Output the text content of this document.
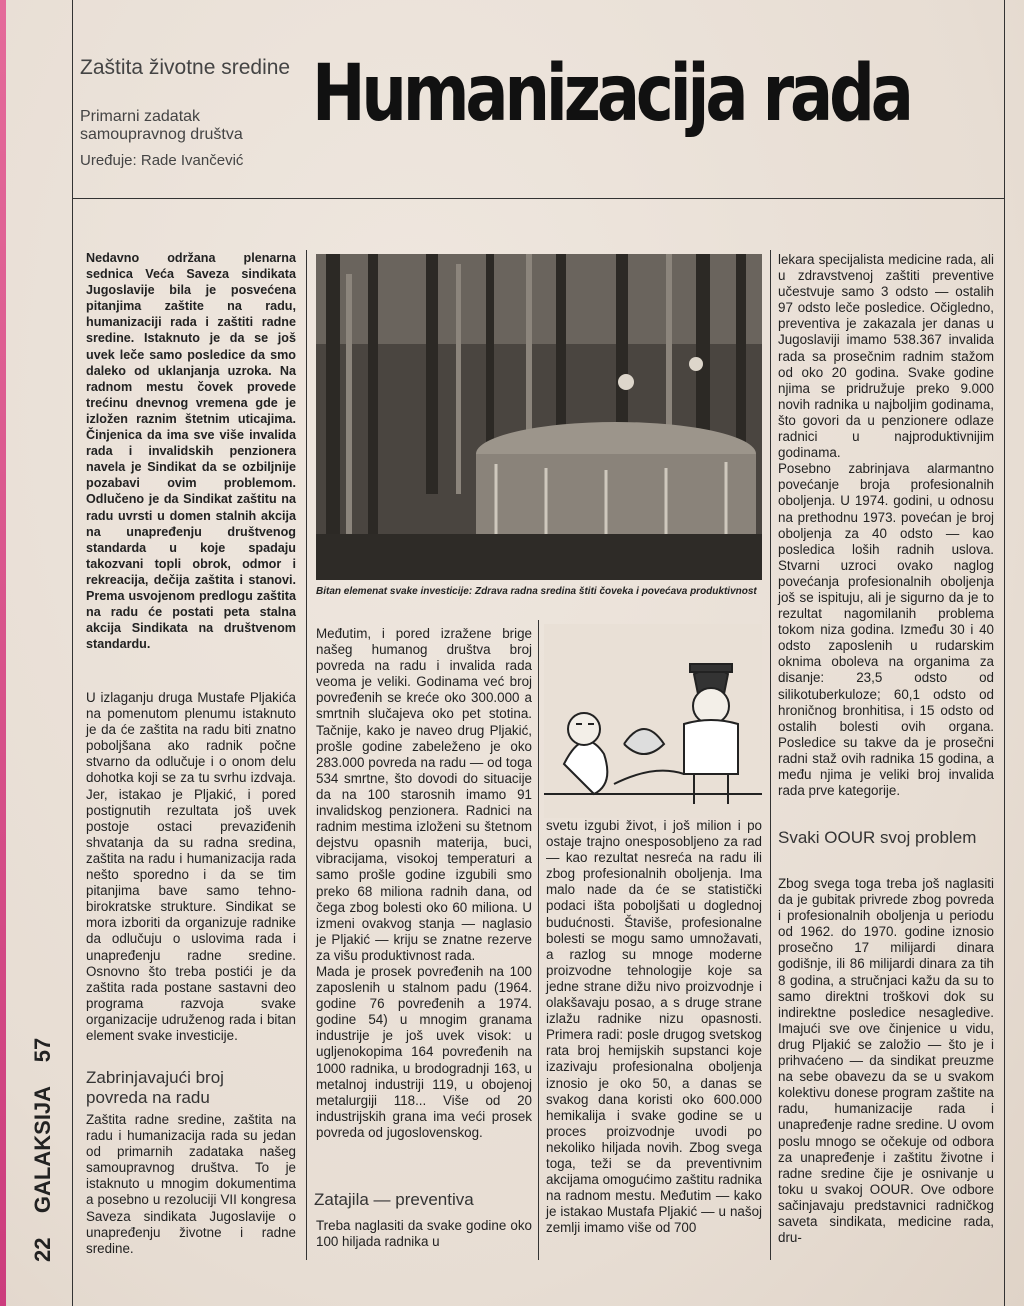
Zaštita životne sredine
Primarni zadatak samoupravnog društva
Uređuje: Rade Ivančević
Humanizacija rada
Nedavno održana plenarna sednica Veća Saveza sindikata Jugoslavije bila je posvećena pitanjima zaštite na radu, humanizaciji rada i zaštiti radne sredine. Istaknuto je da se još uvek leče samo posledice da smo daleko od uklanjanja uzroka. Na radnom mestu čovek provede trećinu dnevnog vremena gde je izložen raznim štetnim uticajima. Činjenica da ima sve više invalida rada i invalidskih penzionera navela je Sindikat da se ozbiljnije pozabavi ovim problemom. Odlučeno je da Sindikat zaštitu na radu uvrsti u domen stalnih akcija na unapređenju društvenog standarda u koje spadaju takozvani topli obrok, odmor i rekreacija, dečija zaštita i stanovi. Prema usvojenom predlogu zaštita na radu će postati peta stalna akcija Sindikata na društvenom standardu.
U izlaganju druga Mustafe Pljakića na pomenutom plenumu istaknuto je da će zaštita na radu biti znatno poboljšana ako radnik počne stvarno da odlučuje i o onom delu dohotka koji se za tu svrhu izdvaja. Jer, istakao je Pljakić, i pored postignutih rezultata još uvek postoje ostaci prevaziđenih shvatanja da su radna sredina, zaštita na radu i humanizacija rada nešto sporedno i da se tim pitanjima bave samo tehno-birokratske strukture. Sindikat se mora izboriti da organizuje radnike da odlučuju o uslovima rada i unapređenju radne sredine. Osnovno što treba postići je da zaštita rada postane sastavni deo programa razvoja svake organizacije udruženog rada i bitan element svake investicije.
Zabrinjavajući broj povreda na radu
Zaštita radne sredine, zaštita na radu i humanizacija rada su jedan od primarnih zadataka našeg samoupravnog društva. To je istaknuto u mnogim dokumentima a posebno u rezoluciji VII kongresa Saveza sindikata Jugoslavije o unapređenju životne i radne sredine.
Bitan elemenat svake investicije: Zdrava radna sredina štiti čoveka i povećava produktivnost
Međutim, i pored izražene brige našeg humanog društva broj povreda na radu i invalida rada veoma je veliki. Godinama već broj povređenih se kreće oko 300.000 a smrtnih slučajeva oko pet stotina. Tačnije, kako je naveo drug Pljakić, prošle godine zabeleženo je oko 283.000 povreda na radu — od toga 534 smrtne, što dovodi do situacije da na 100 starosnih imamo 91 invalidskog penzionera. Radnici na radnim mestima izloženi su štetnom dejstvu opasnih materija, buci, vibracijama, visokoj temperaturi a samo prošle godine izgubili smo preko 68 miliona radnih dana, od čega zbog bolesti oko 60 miliona. U izmeni ovakvog stanja — naglasio je Pljakić — kriju se znatne rezerve za višu produktivnost rada.
Mada je prosek povređenih na 100 zaposlenih u stalnom padu (1964. godine 76 povređenih a 1974. godine 54) u mnogim granama industrije je još uvek visok: u ugljenokopima 164 povređenih na 1000 radnika, u brodogradnji 163, u metalnoj industriji 119, u obojenoj metalurgiji 118... Više od 20 industrijskih grana ima veći prosek povreda od jugoslovenskog.
Zatajila — preventiva
Treba naglasiti da svake godine oko 100 hiljada radnika u
svetu izgubi život, i još milion i po ostaje trajno onesposobljeno za rad — kao rezultat nesreća na radu ili zbog profesionalnih oboljenja. Ima malo nade da će se statistički podaci išta poboljšati u doglednoj budućnosti. Štaviše, profesionalne bolesti se mogu samo umnožavati, a razlog su mnoge moderne proizvodne tehnologije koje sa jedne strane dižu nivo proizvodnje i olakšavaju posao, a s druge strane izlažu radnike nizu opasnosti. Primera radi: posle drugog svetskog rata broj hemijskih supstanci koje izazivaju profesionalna oboljenja iznosio je oko 50, a danas se svakog dana koristi oko 600.000 hemikalija i svake godine se u proces proizvodnje uvodi po nekoliko hiljada novih. Zbog svega toga, teži se da preventivnim akcijama omogućimo zaštitu radnika na radnom mestu. Međutim — kako je istakao Mustafa Pljakić — u našoj zemlji imamo više od 700
lekara specijalista medicine rada, ali u zdravstvenoj zaštiti preventive učestvuje samo 3 odsto — ostalih 97 odsto leče posledice. Očigledno, preventiva je zakazala jer danas u Jugoslaviji imamo 538.367 invalida rada sa prosečnim radnim stažom od oko 20 godina. Svake godine njima se pridružuje preko 9.000 novih radnika u najboljim godinama, što govori da u penzionere odlaze radnici u najproduktivnijim godinama.
Posebno zabrinjava alarmantno povećanje broja profesionalnih oboljenja. U 1974. godini, u odnosu na prethodnu 1973. povećan je broj oboljenja za 40 odsto — kao posledica loših radnih uslova. Stvarni uzroci ovako naglog povećanja profesionalnih oboljenja još se ispituju, ali je sigurno da je to rezultat nagomilanih problema tokom niza godina. Između 30 i 40 odsto zaposlenih u rudarskim oknima oboleva na organima za disanje: 23,5 odsto od silikotuberkuloze; 60,1 odsto od hroničnog bronhitisa, i 15 odsto od ostalih bolesti ovih organa. Posledice su takve da je prosečni radni staž ovih radnika 15 godina, a među njima je veliki broj invalida rada prve kategorije.
Svaki OOUR svoj problem
Zbog svega toga treba još naglasiti da je gubitak privrede zbog povreda i profesionalnih oboljenja u periodu od 1962. do 1970. godine iznosio prosečno 17 milijardi dinara godišnje, ili 86 milijardi dinara za tih 8 godina, a stručnjaci kažu da su to samo direktni troškovi dok su indirektne posledice nesagledive. Imajući sve ove činjenice u vidu, drug Pljakić se založio — što je i prihvaćeno — da sindikat preuzme na sebe obavezu da se u svakom kolektivu donese program zaštite na radu, humanizacije rada i unapređenje radne sredine. U ovom poslu mnogo se očekuje od odbora za unapređenje i zaštitu životne i radne sredine čije je osnivanje u toku u svakoj OOUR. Ove odbore sačinjavaju predstavnici radničkog saveta sindikata, medicine rada, dru-
22    GALAKSIJA    57
